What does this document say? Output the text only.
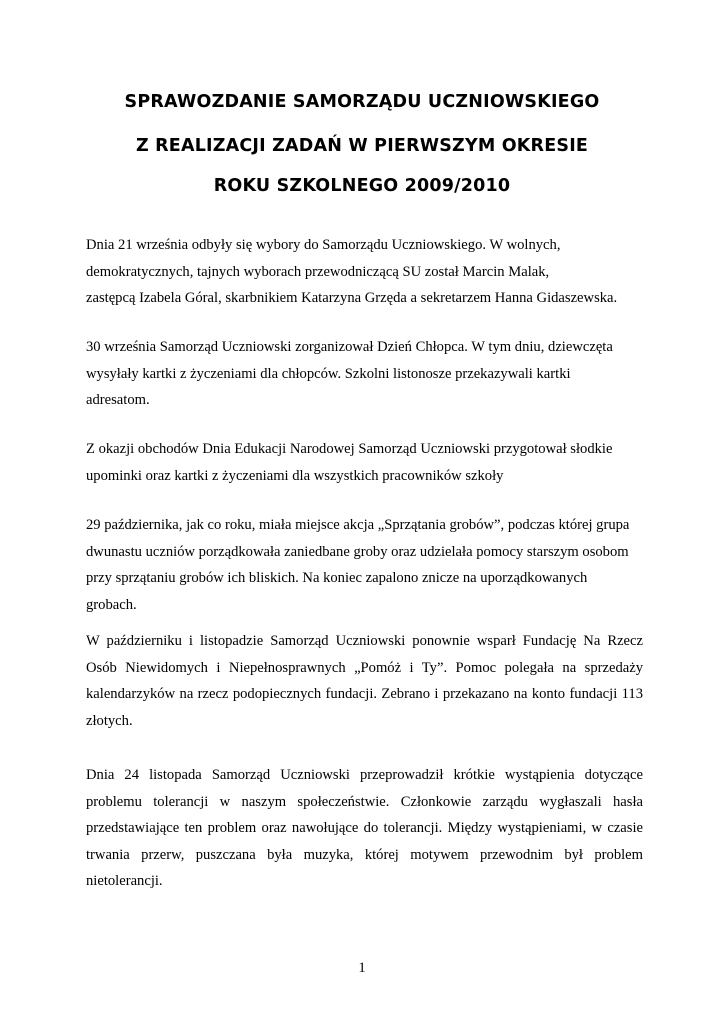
SPRAWOZDANIE SAMORZĄDU UCZNIOWSKIEGO
Z REALIZACJI ZADAŃ W PIERWSZYM OKRESIE
ROKU SZKOLNEGO 2009/2010
Dnia 21 września odbyły się wybory do Samorządu Uczniowskiego. W wolnych,
demokratycznych, tajnych wyborach przewodniczącą SU został Marcin Malak,
zastępcą Izabela Góral, skarbnikiem Katarzyna Grzęda a sekretarzem Hanna Gidaszewska.
30 września Samorząd Uczniowski zorganizował Dzień Chłopca. W tym dniu, dziewczęta
wysyłały kartki z życzeniami dla chłopców. Szkolni listonosze przekazywali kartki
adresatom.
Z okazji obchodów Dnia Edukacji Narodowej Samorząd Uczniowski przygotował słodkie
upominki oraz kartki z życzeniami dla wszystkich pracowników szkoły
29 października, jak co roku, miała miejsce akcja „Sprzątania grobów”, podczas której grupa
dwunastu uczniów porządkowała zaniedbane groby oraz udzielała pomocy starszym osobom
przy sprzątaniu grobów ich bliskich. Na koniec zapalono znicze na uporządkowanych
grobach.
W październiku i listopadzie Samorząd Uczniowski ponownie wsparł Fundację Na Rzecz
Osób Niewidomych i Niepełnosprawnych „Pomóż i Ty”. Pomoc polegała na sprzedaży
kalendarzyków na rzecz podopiecznych fundacji. Zebrano i przekazano na konto fundacji 113
złotych.
Dnia 24 listopada Samorząd Uczniowski przeprowadził krótkie wystąpienia dotyczące
problemu tolerancji w naszym społeczeństwie. Członkowie zarządu wygłaszali hasła
przedstawiające ten problem oraz nawołujące do tolerancji. Między wystąpieniami, w czasie
trwania przerw, puszczana była muzyka, której motywem przewodnim był problem
nietolerancji.
1
